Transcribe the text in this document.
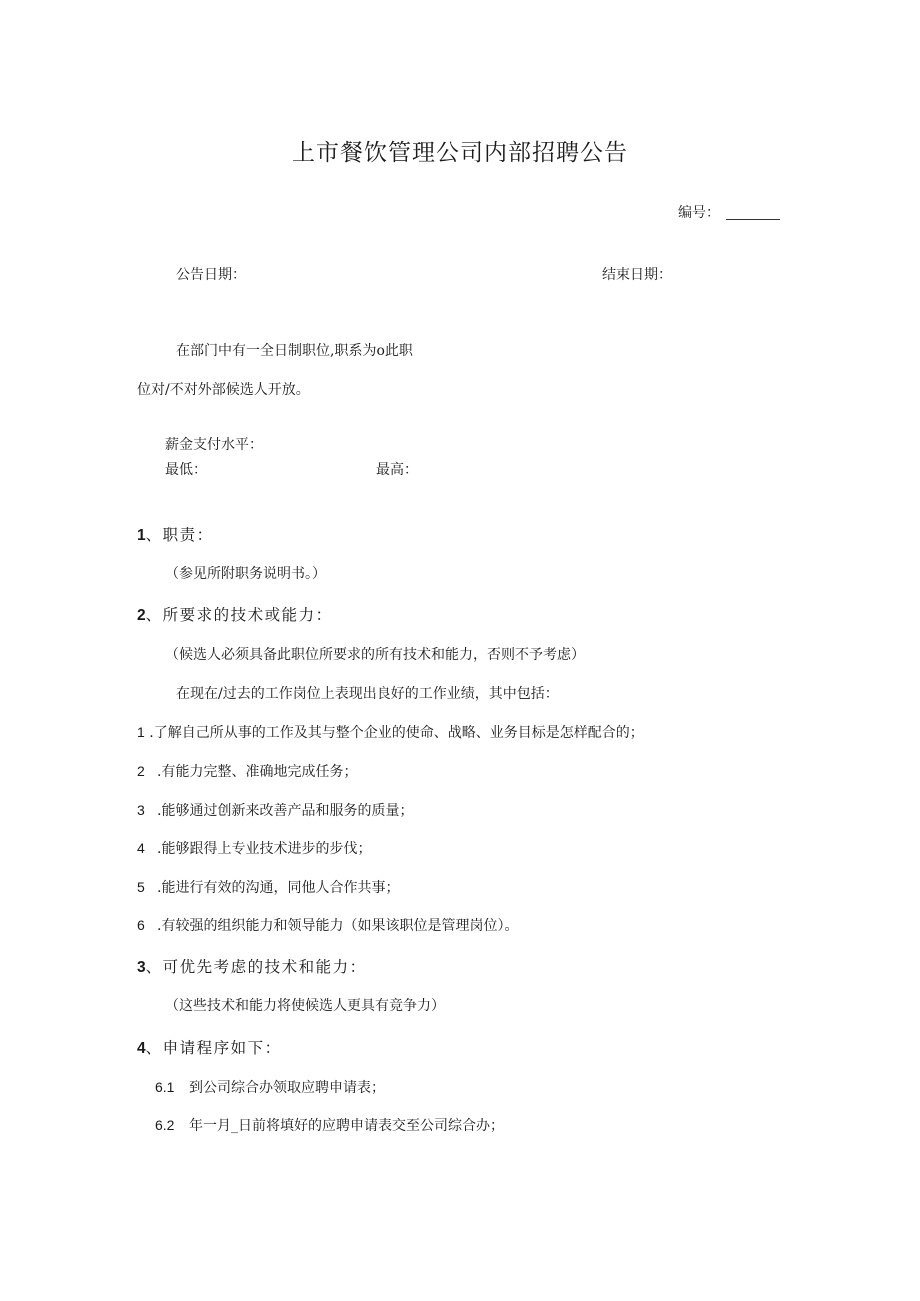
上市餐饮管理公司内部招聘公告
编号：
公告日期：	结束日期：
在部门中有一全日制职位,职系为o此职
位对/不对外部候选人开放。
薪金支付水平：
最低：	最高：
1、职责：
（参见所附职务说明书。）
2、所要求的技术或能力：
（候选人必须具备此职位所要求的所有技术和能力，否则不予考虑）
在现在/过去的工作岗位上表现出良好的工作业绩，其中包括：
1 .了解自己所从事的工作及其与整个企业的使命、战略、业务目标是怎样配合的；
2 .有能力完整、准确地完成任务；
3 .能够通过创新来改善产品和服务的质量；
4 .能够跟得上专业技术进步的步伐；
5 .能进行有效的沟通，同他人合作共事；
6 .有较强的组织能力和领导能力（如果该职位是管理岗位）。
3、可优先考虑的技术和能力：
（这些技术和能力将使候选人更具有竞争力）
4、申请程序如下：
6.1 到公司综合办领取应聘申请表；
6.2 年一月_日前将填好的应聘申请表交至公司综合办；
